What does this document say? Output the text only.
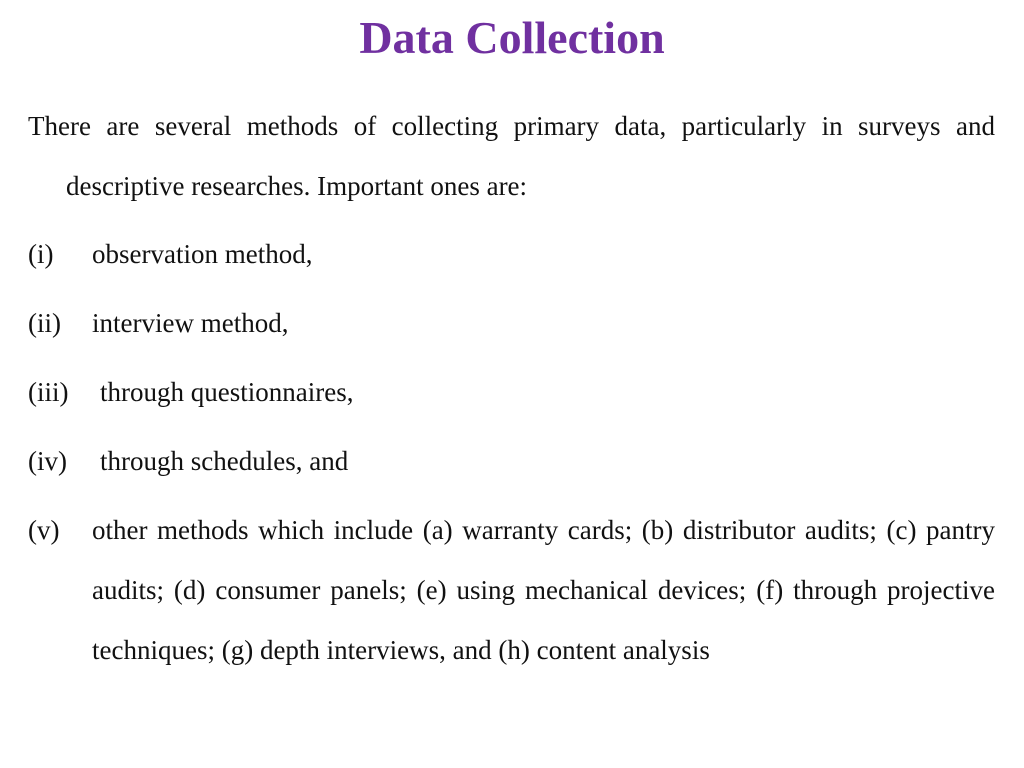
Data Collection

There are several methods of collecting primary data, particularly in surveys and descriptive researches. Important ones are:

(i)	observation method,
(ii)	interview method,
(iii)	through questionnaires,
(iv)	through schedules, and
(v)	other methods which include (a) warranty cards; (b) distributor audits; (c) pantry audits; (d) consumer panels; (e) using mechanical devices; (f) through projective techniques; (g) depth interviews, and (h) content analysis
